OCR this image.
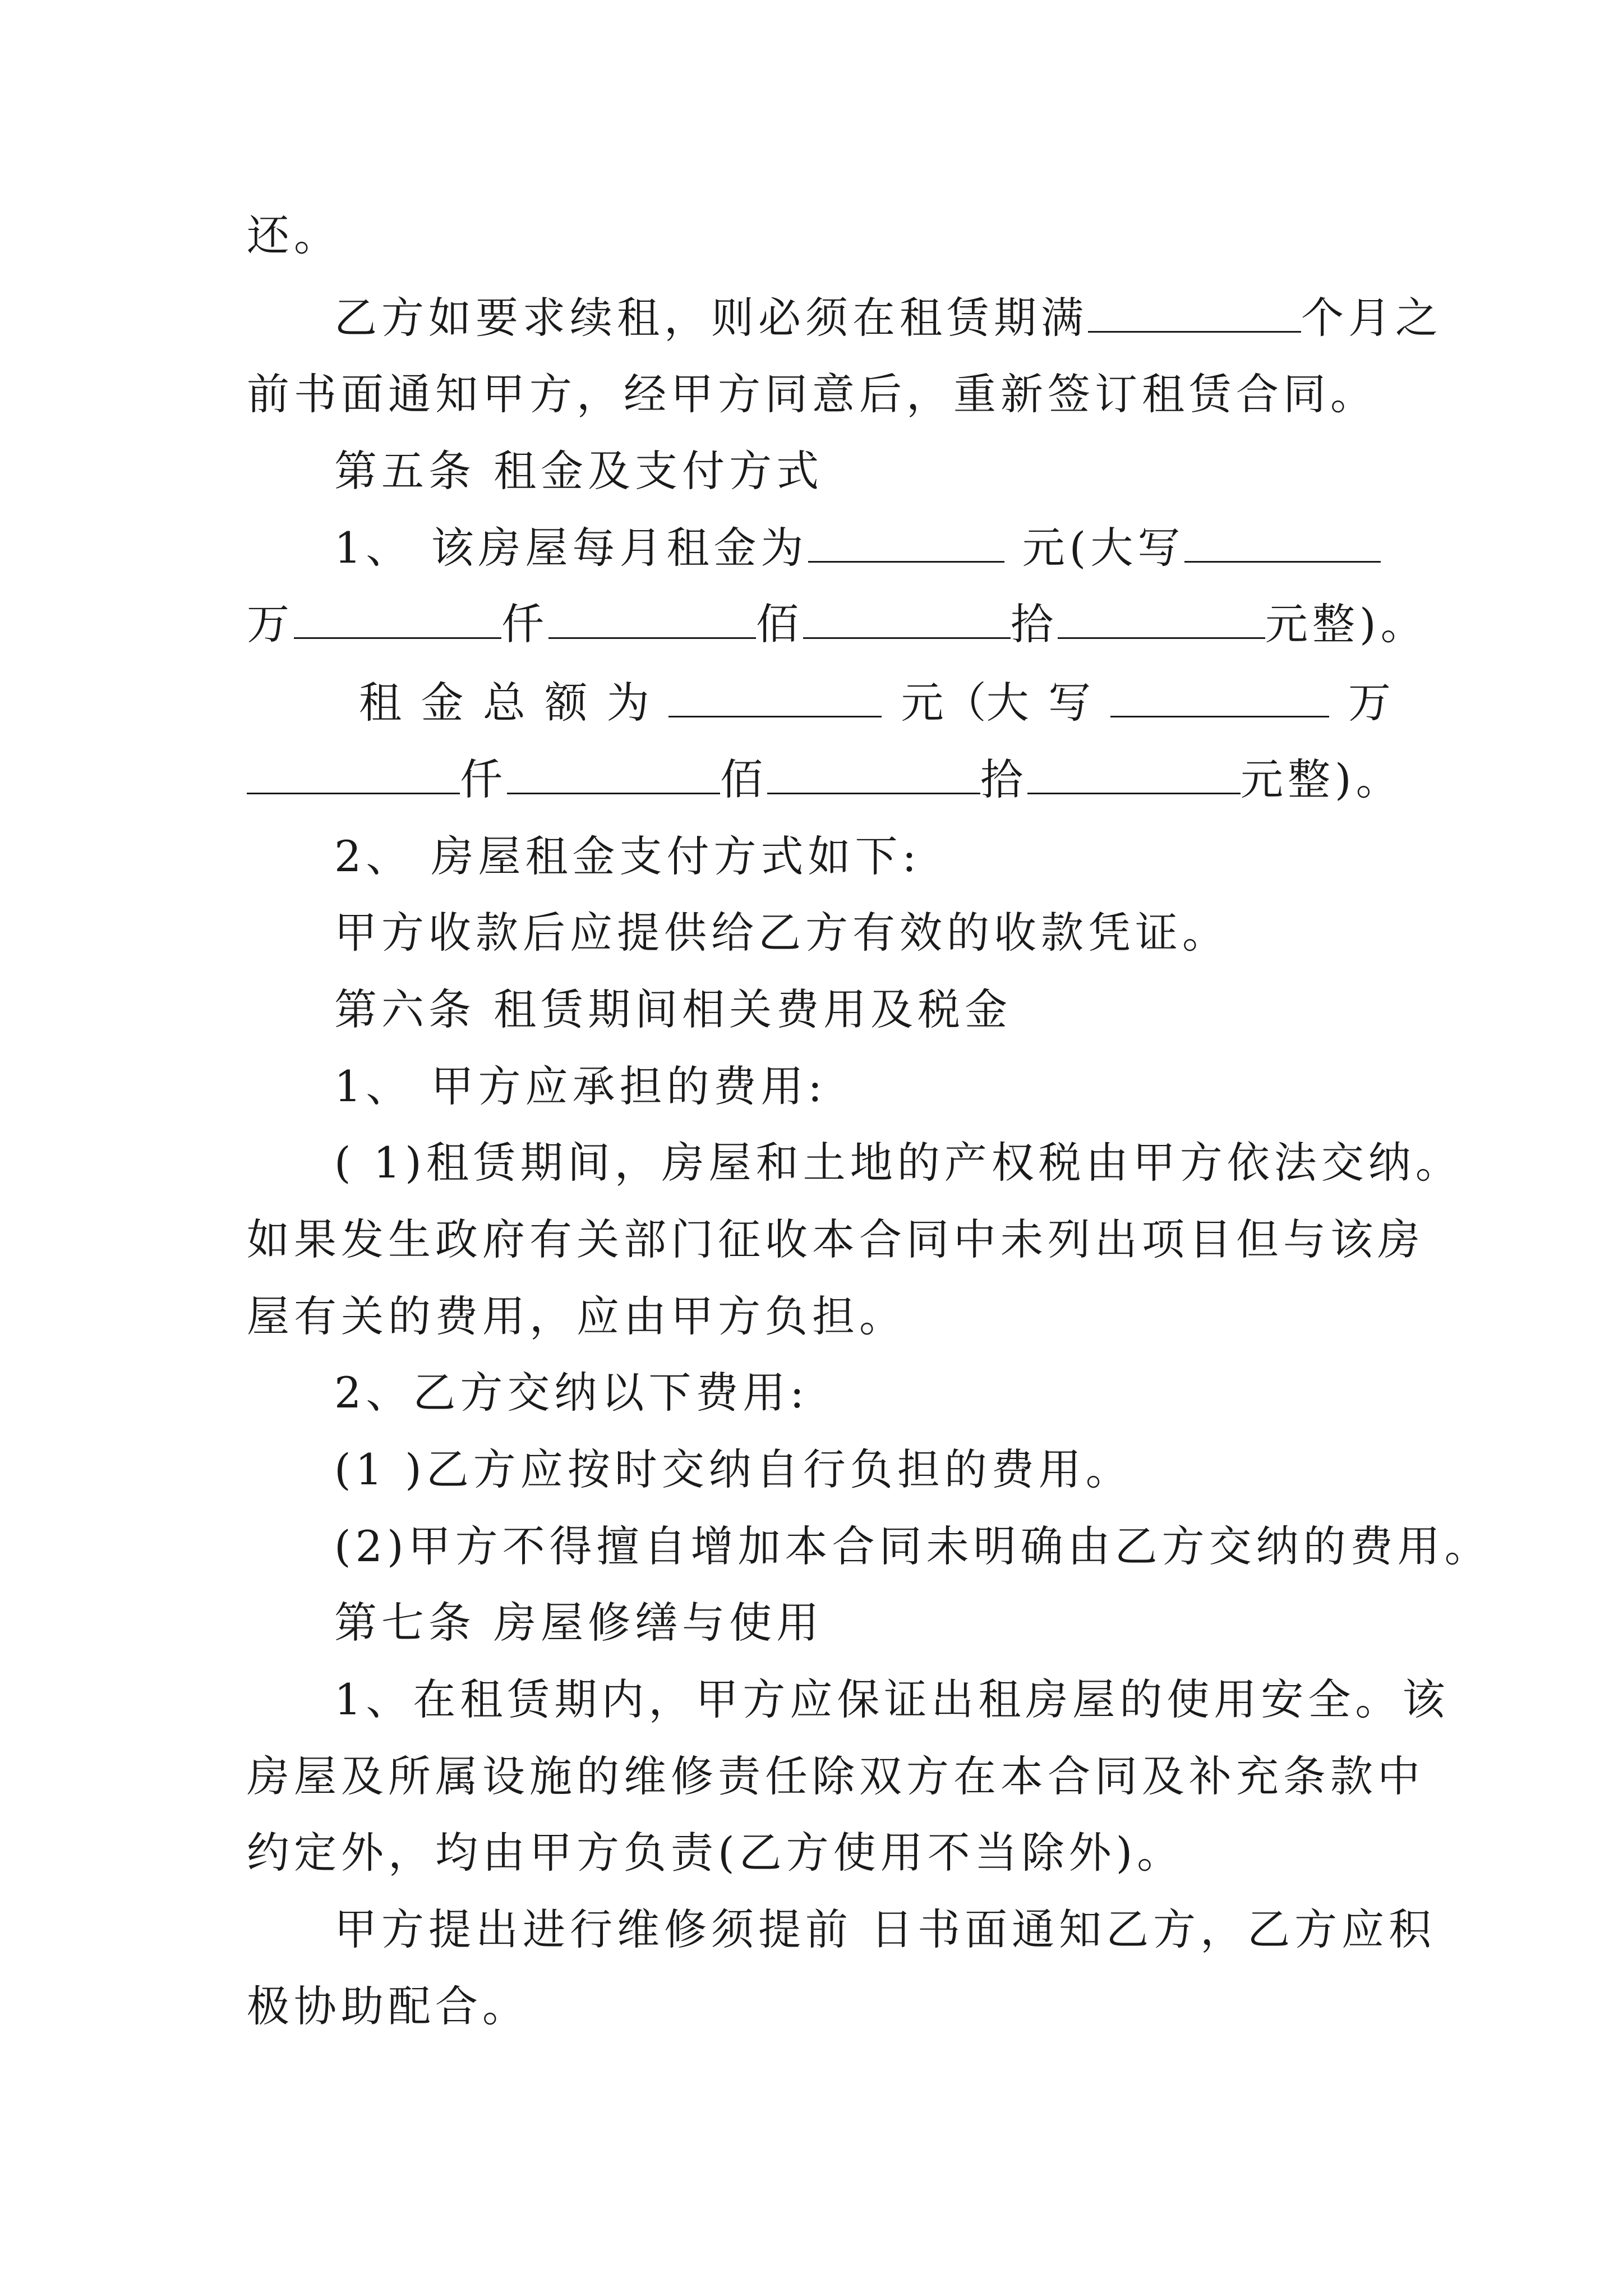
还。
乙方如要求续租，则必须在租赁期满	个月之
前书面通知甲方，经甲方同意后，重新签订租赁合同。
第五条 租金及支付方式
1、 该房屋每月租金为	元(大写
万	仟	佰	拾	元整)。
租 金 总 额 为	元（大 写	万
仟	佰	拾	元整)。
2、 房屋租金支付方式如下:
甲方收款后应提供给乙方有效的收款凭证。
第六条 租赁期间相关费用及税金
1、 甲方应承担的费用:
( 1)租赁期间，房屋和土地的产权税由甲方依法交纳。
如果发生政府有关部门征收本合同中未列出项目但与该房
屋有关的费用，应由甲方负担。
2、乙方交纳以下费用:
(1 )乙方应按时交纳自行负担的费用。
(2)甲方不得擅自增加本合同未明确由乙方交纳的费用。
第七条 房屋修缮与使用
1、在租赁期内，甲方应保证出租房屋的使用安全。该
房屋及所属设施的维修责任除双方在本合同及补充条款中
约定外，均由甲方负责(乙方使用不当除外)。
甲方提出进行维修须提前 日书面通知乙方，乙方应积
极协助配合。
